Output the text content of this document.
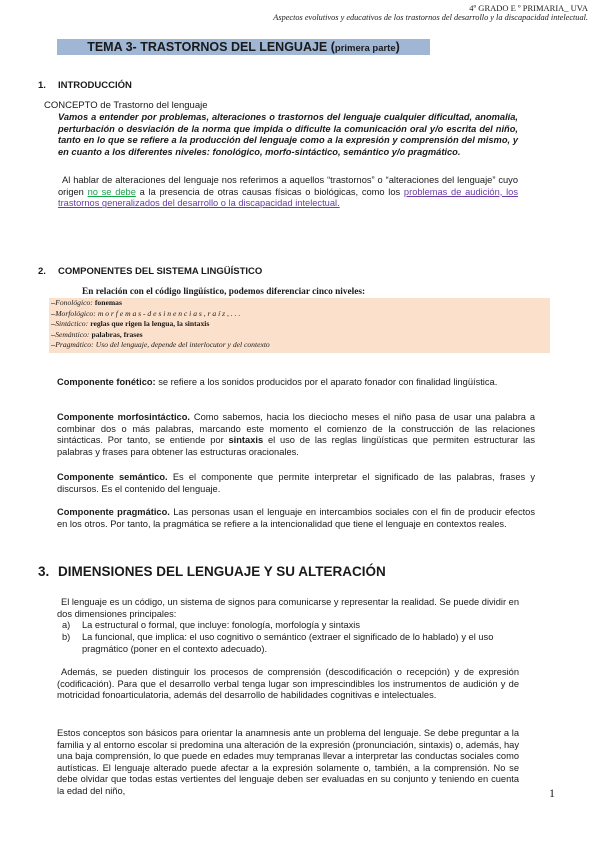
4º GRADO E º PRIMARIA_ UVA
Aspectos evolutivos y educativos de los trastornos del desarrollo y la discapacidad intelectual.
TEMA 3- TRASTORNOS DEL LENGUAJE (primera parte)
1. INTRODUCCIÓN
CONCEPTO de Trastorno del lenguaje
Vamos a entender por problemas, alteraciones o trastornos del lenguaje cualquier dificultad, anomalía, perturbación o desviación de la norma que impida o dificulte la comunicación oral y/o escrita del niño, tanto en lo que se refiere a la producción del lenguaje como a la expresión y comprensión del mismo, y en cuanto a los diferentes niveles: fonológico, morfo-sintáctico, semántico y/o pragmático.
Al hablar de alteraciones del lenguaje nos referimos a aquellos “trastornos” o “alteraciones del lenguaje” cuyo origen no se debe a la presencia de otras causas físicas o biológicas, como los problemas de audición, los trastornos generalizados del desarrollo o la discapacidad intelectual.
2. COMPONENTES DEL SISTEMA LINGÜÍSTICO
En relación con el código lingüístico, podemos diferenciar cinco niveles:
–Fonológico: fonemas
–Morfológico: m o r f e m a s - d e s i n e n c i a s , r a í z , . . .
–Sintáctico: reglas que rigen la lengua, la sintaxis
–Semántico: palabras, frases
–Pragmático: Uso del lenguaje, depende del interlocutor y del contexto
Componente fonético: se refiere a los sonidos producidos por el aparato fonador con finalidad lingüística.
Componente morfosintáctico. Como sabemos, hacia los dieciocho meses el niño pasa de usar una palabra a combinar dos o más palabras, marcando este momento el comienzo de la construcción de las relaciones sintácticas. Por tanto, se entiende por sintaxis el uso de las reglas lingüísticas que permiten estructurar las palabras y frases para obtener las estructuras oracionales.
Componente semántico. Es el componente que permite interpretar el significado de las palabras, frases y discursos. Es el contenido del lenguaje.
Componente pragmático. Las personas usan el lenguaje en intercambios sociales con el fin de producir efectos en los otros. Por tanto, la pragmática se refiere a la intencionalidad que tiene el lenguaje en contextos reales.
3. DIMENSIONES DEL LENGUAJE Y SU ALTERACIÓN
El lenguaje es un código, un sistema de signos para comunicarse y representar la realidad. Se puede dividir en dos dimensiones principales:
a) La estructural o formal, que incluye: fonología, morfología y sintaxis
b)	La funcional, que implica: el uso cognitivo o semántico (extraer el significado de lo hablado) y el uso pragmático (poner en el contexto adecuado).
Además, se pueden distinguir los procesos de comprensión (descodificación o recepción) y de expresión (codificación). Para que el desarrollo verbal tenga lugar son imprescindibles los instrumentos de audición y de motricidad fonoarticulatoria, además del desarrollo de habilidades cognitivas e intelectuales.
Estos conceptos son básicos para orientar la anamnesis ante un problema del lenguaje. Se debe preguntar a la familia y al entorno escolar si predomina una alteración de la expresión (pronunciación, sintaxis) o, además, hay una baja comprensión, lo que puede en edades muy tempranas llevar a interpretar las conductas sociales como autísticas. El lenguaje alterado puede afectar a la expresión solamente o, también, a la comprensión. No se debe olvidar que todas estas vertientes del lenguaje deben ser evaluadas en su conjunto y teniendo en cuenta la edad del niño,	1
